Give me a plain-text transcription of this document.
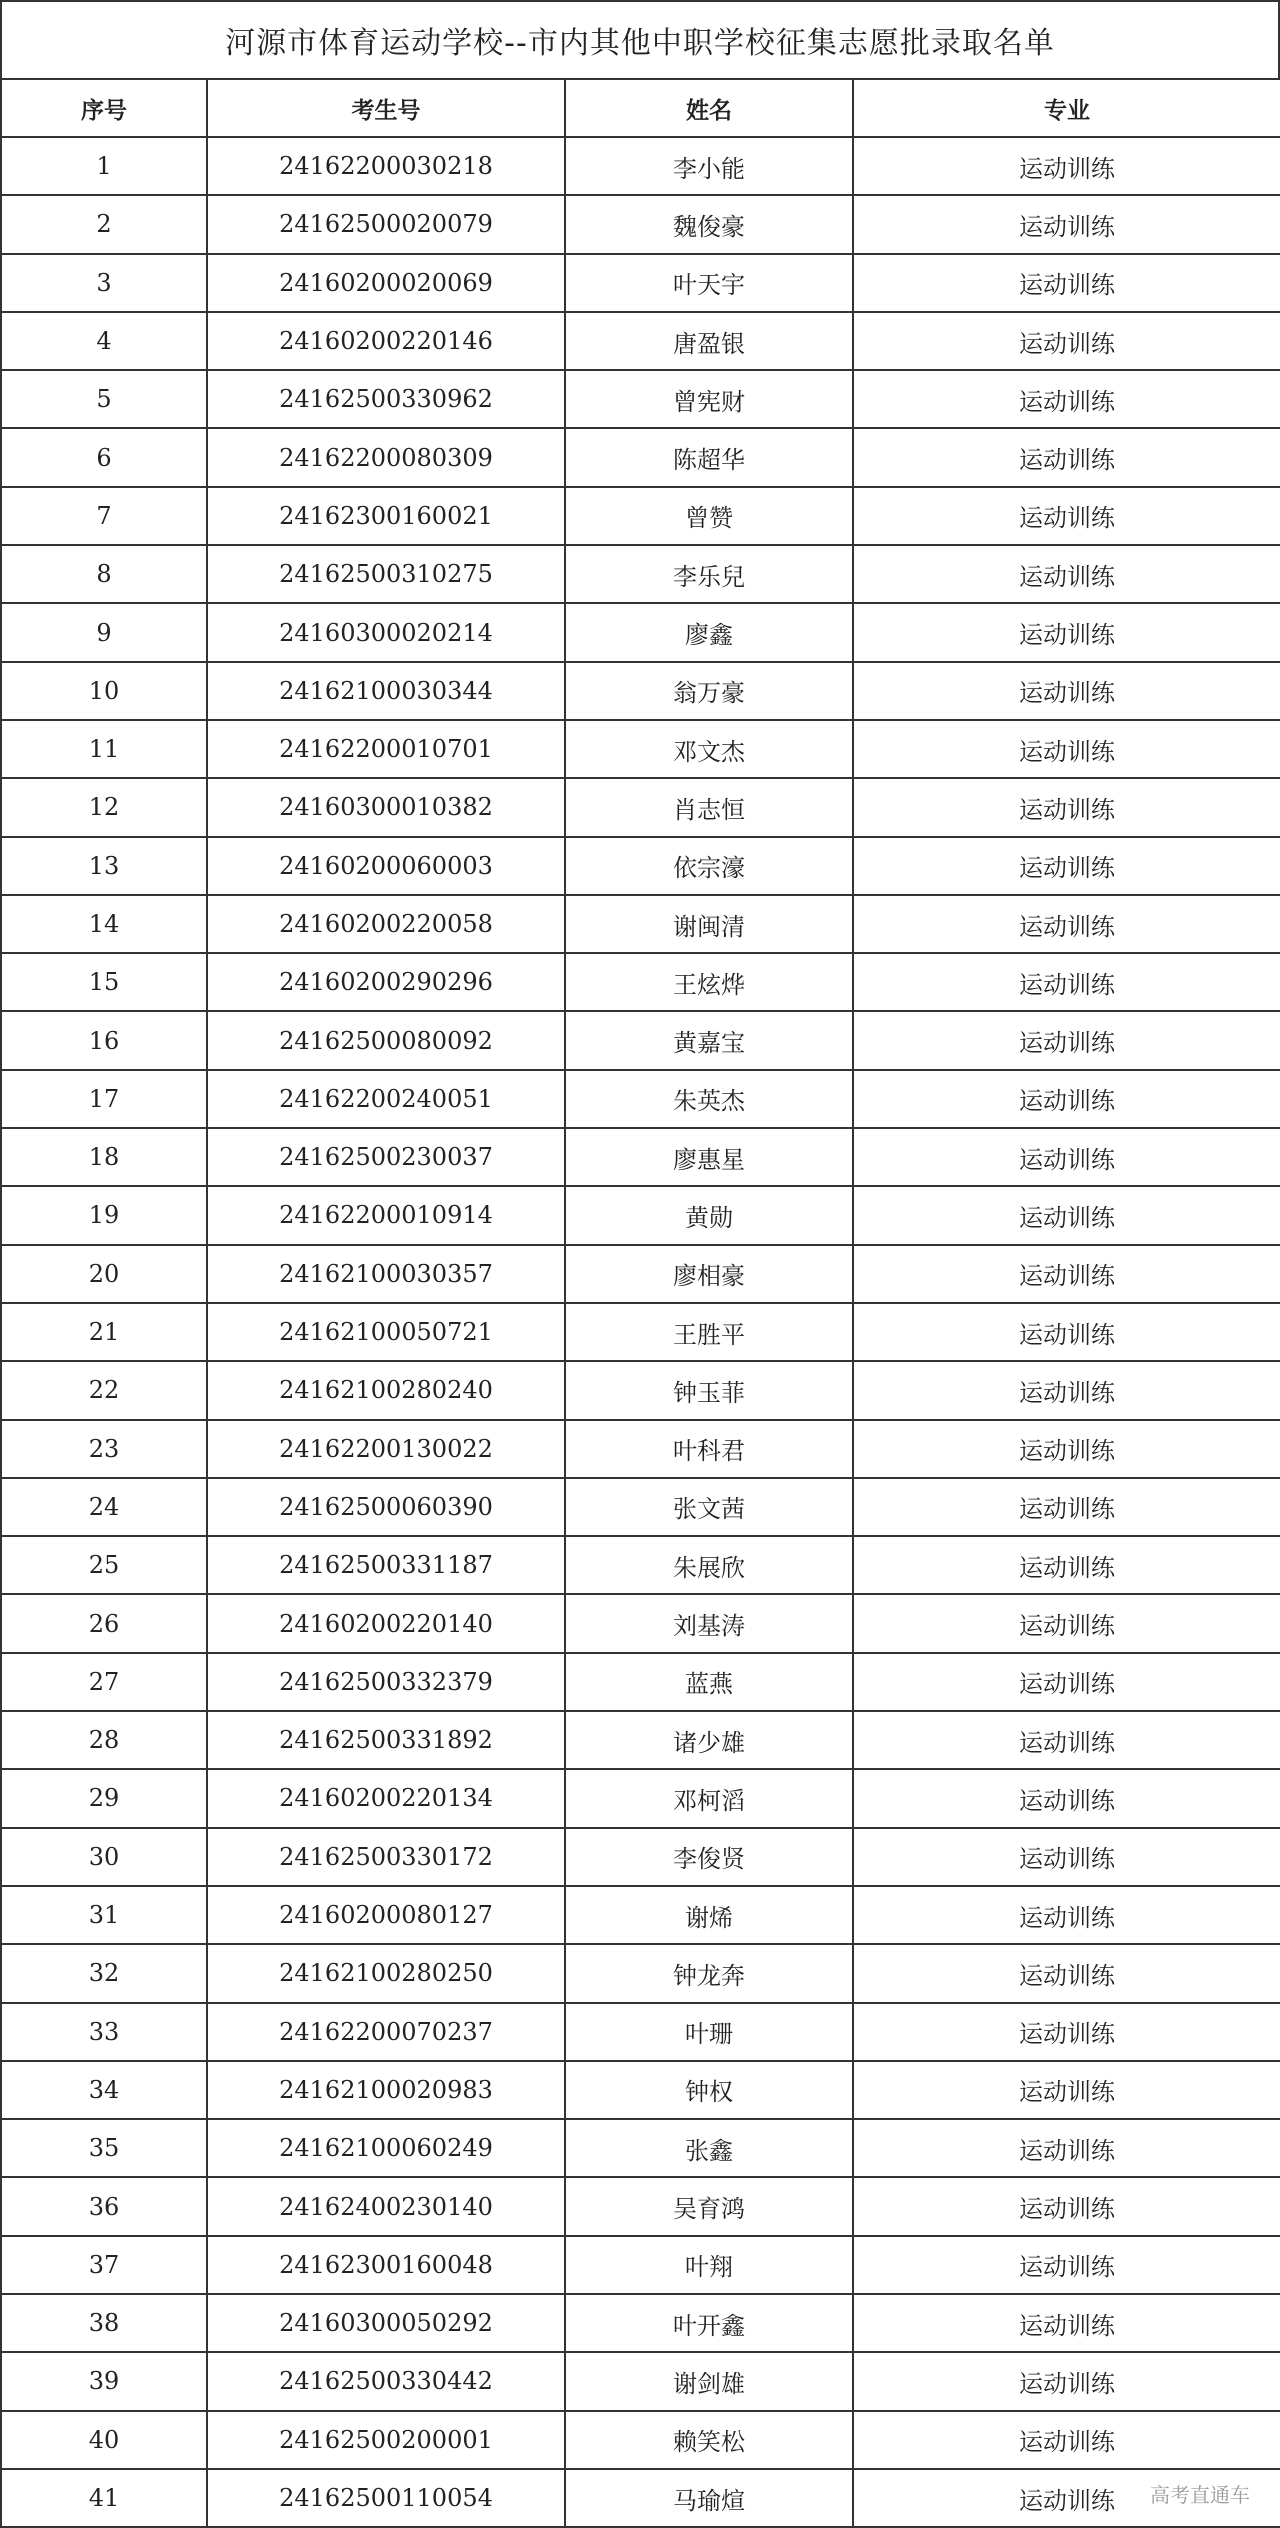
河源市体育运动学校--市内其他中职学校征集志愿批录取名单
序号	考生号	姓名	专业
1	24162200030218	李小能	运动训练
2	24162500020079	魏俊豪	运动训练
3	24160200020069	叶天宇	运动训练
4	24160200220146	唐盈银	运动训练
5	24162500330962	曾宪财	运动训练
6	24162200080309	陈超华	运动训练
7	24162300160021	曾赞	运动训练
8	24162500310275	李乐兒	运动训练
9	24160300020214	廖鑫	运动训练
10	24162100030344	翁万豪	运动训练
11	24162200010701	邓文杰	运动训练
12	24160300010382	肖志恒	运动训练
13	24160200060003	依宗濠	运动训练
14	24160200220058	谢闽清	运动训练
15	24160200290296	王炫烨	运动训练
16	24162500080092	黄嘉宝	运动训练
17	24162200240051	朱英杰	运动训练
18	24162500230037	廖惠星	运动训练
19	24162200010914	黄勋	运动训练
20	24162100030357	廖相豪	运动训练
21	24162100050721	王胜平	运动训练
22	24162100280240	钟玉菲	运动训练
23	24162200130022	叶科君	运动训练
24	24162500060390	张文茜	运动训练
25	24162500331187	朱展欣	运动训练
26	24160200220140	刘基涛	运动训练
27	24162500332379	蓝燕	运动训练
28	24162500331892	诸少雄	运动训练
29	24160200220134	邓柯滔	运动训练
30	24162500330172	李俊贤	运动训练
31	24160200080127	谢烯	运动训练
32	24162100280250	钟龙奔	运动训练
33	24162200070237	叶珊	运动训练
34	24162100020983	钟权	运动训练
35	24162100060249	张鑫	运动训练
36	24162400230140	吴育鸿	运动训练
37	24162300160048	叶翔	运动训练
38	24160300050292	叶开鑫	运动训练
39	24162500330442	谢剑雄	运动训练
40	24162500200001	赖笑松	运动训练
41	24162500110054	马瑜煊	运动训练 高考直通车
